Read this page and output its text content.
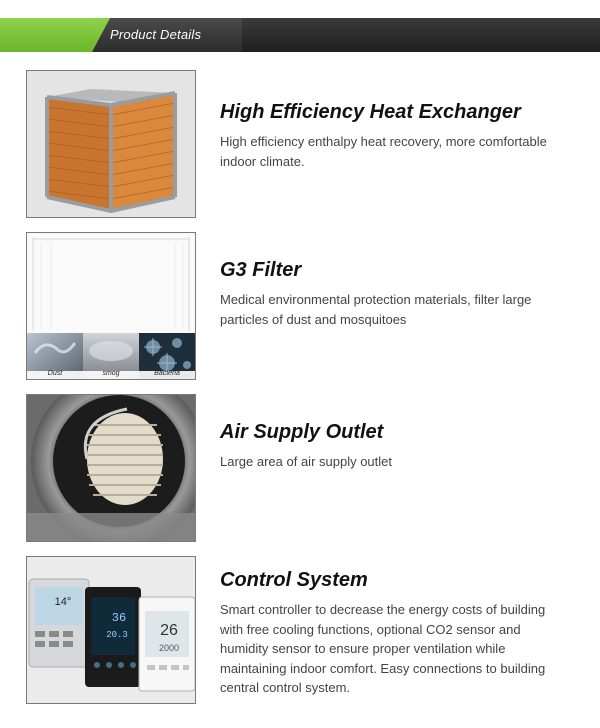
Product Details
High Efficiency Heat Exchanger

High efficiency enthalpy heat recovery, more comfortable indoor climate.

Dust	smog	Bacteria
G3 Filter

Medical environmental protection materials, filter large particles of dust and mosquitoes

Air Supply Outlet

Large area of air supply outlet

14°
36
20.3 26
2000
Control System

Smart controller to decrease the energy costs of building with free cooling functions, optional CO2 sensor and humidity sensor to ensure proper ventilation while maintaining indoor comfort. Easy connections to building central control system.
